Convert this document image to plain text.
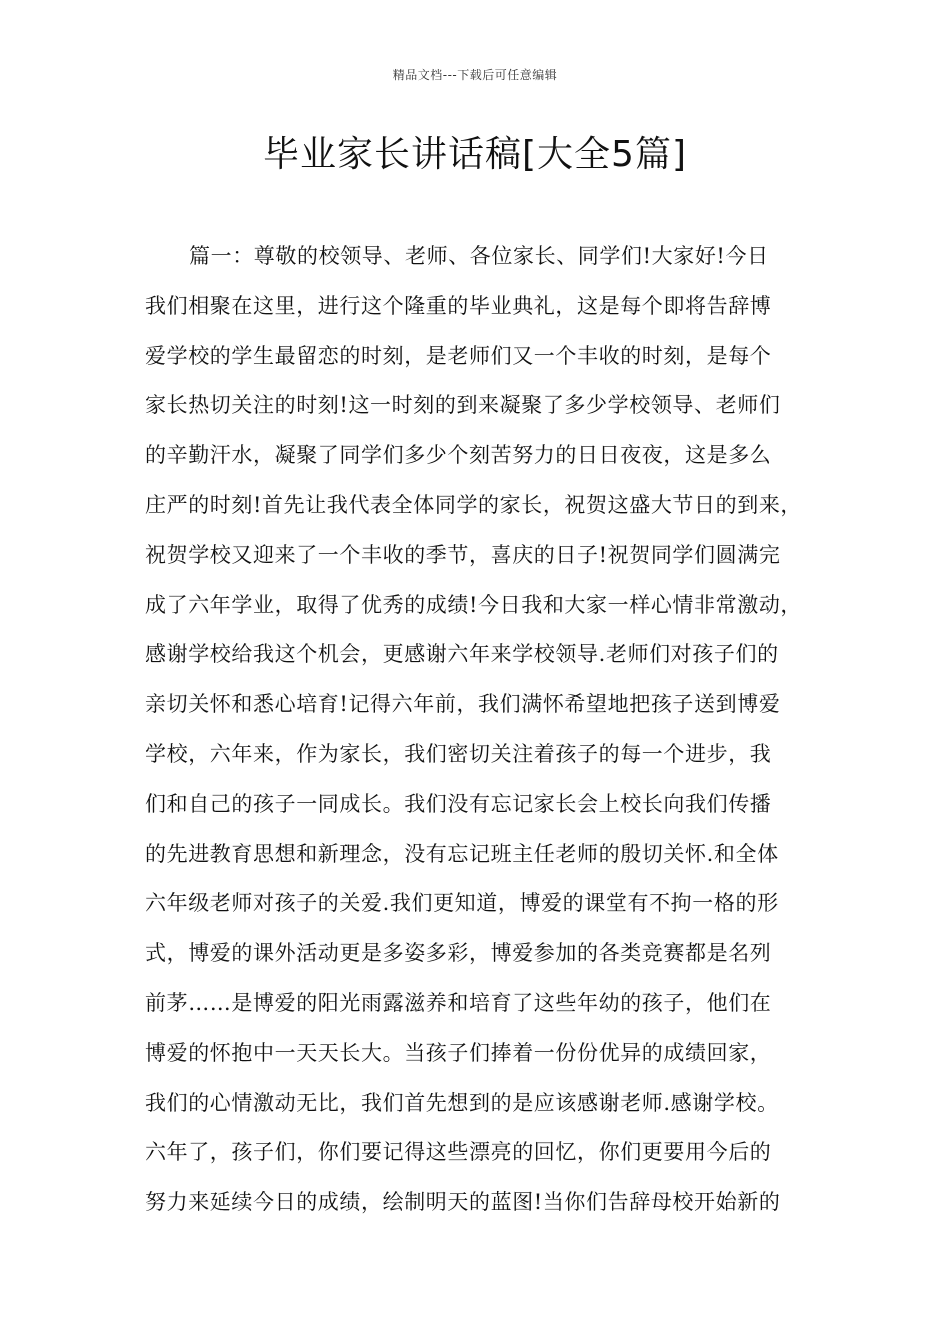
精品文档---下载后可任意编辑
毕业家长讲话稿[大全5篇]
篇一：尊敬的校领导、老师、各位家长、同学们!大家好!今日
我们相聚在这里，进行这个隆重的毕业典礼，这是每个即将告辞博
爱学校的学生最留恋的时刻，是老师们又一个丰收的时刻，是每个
家长热切关注的时刻!这一时刻的到来凝聚了多少学校领导、老师们
的辛勤汗水，凝聚了同学们多少个刻苦努力的日日夜夜，这是多么
庄严的时刻!首先让我代表全体同学的家长，祝贺这盛大节日的到来，
祝贺学校又迎来了一个丰收的季节，喜庆的日子!祝贺同学们圆满完
成了六年学业，取得了优秀的成绩!今日我和大家一样心情非常激动，
感谢学校给我这个机会，更感谢六年来学校领导.老师们对孩子们的
亲切关怀和悉心培育!记得六年前，我们满怀希望地把孩子送到博爱
学校，六年来，作为家长，我们密切关注着孩子的每一个进步，我
们和自己的孩子一同成长。我们没有忘记家长会上校长向我们传播
的先进教育思想和新理念，没有忘记班主任老师的殷切关怀.和全体
六年级老师对孩子的关爱.我们更知道，博爱的课堂有不拘一格的形
式，博爱的课外活动更是多姿多彩，博爱参加的各类竞赛都是名列
前茅……是博爱的阳光雨露滋养和培育了这些年幼的孩子，他们在
博爱的怀抱中一天天长大。当孩子们捧着一份份优异的成绩回家，
我们的心情激动无比，我们首先想到的是应该感谢老师.感谢学校。
六年了，孩子们，你们要记得这些漂亮的回忆，你们更要用今后的
努力来延续今日的成绩，绘制明天的蓝图!当你们告辞母校开始新的
